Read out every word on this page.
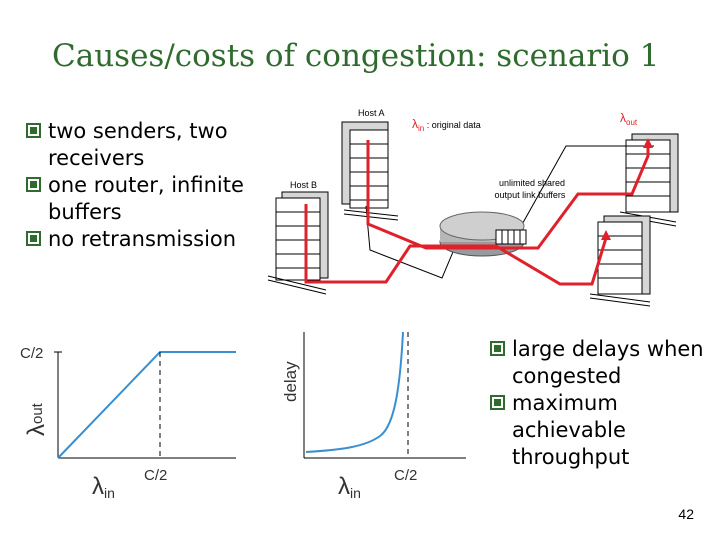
Causes/costs of congestion: scenario 1
two senders, two receivers
one router, infinite buffers
no retransmission
Host A
Host B
$\lambda_{in}$ $^{: original data}$	$\lambda_{out}$
unlimited shared
output link buffers
C/2
C/2
λout
λin
delay
C/2
λin
large delays when congested
maximum achievable throughput
42
